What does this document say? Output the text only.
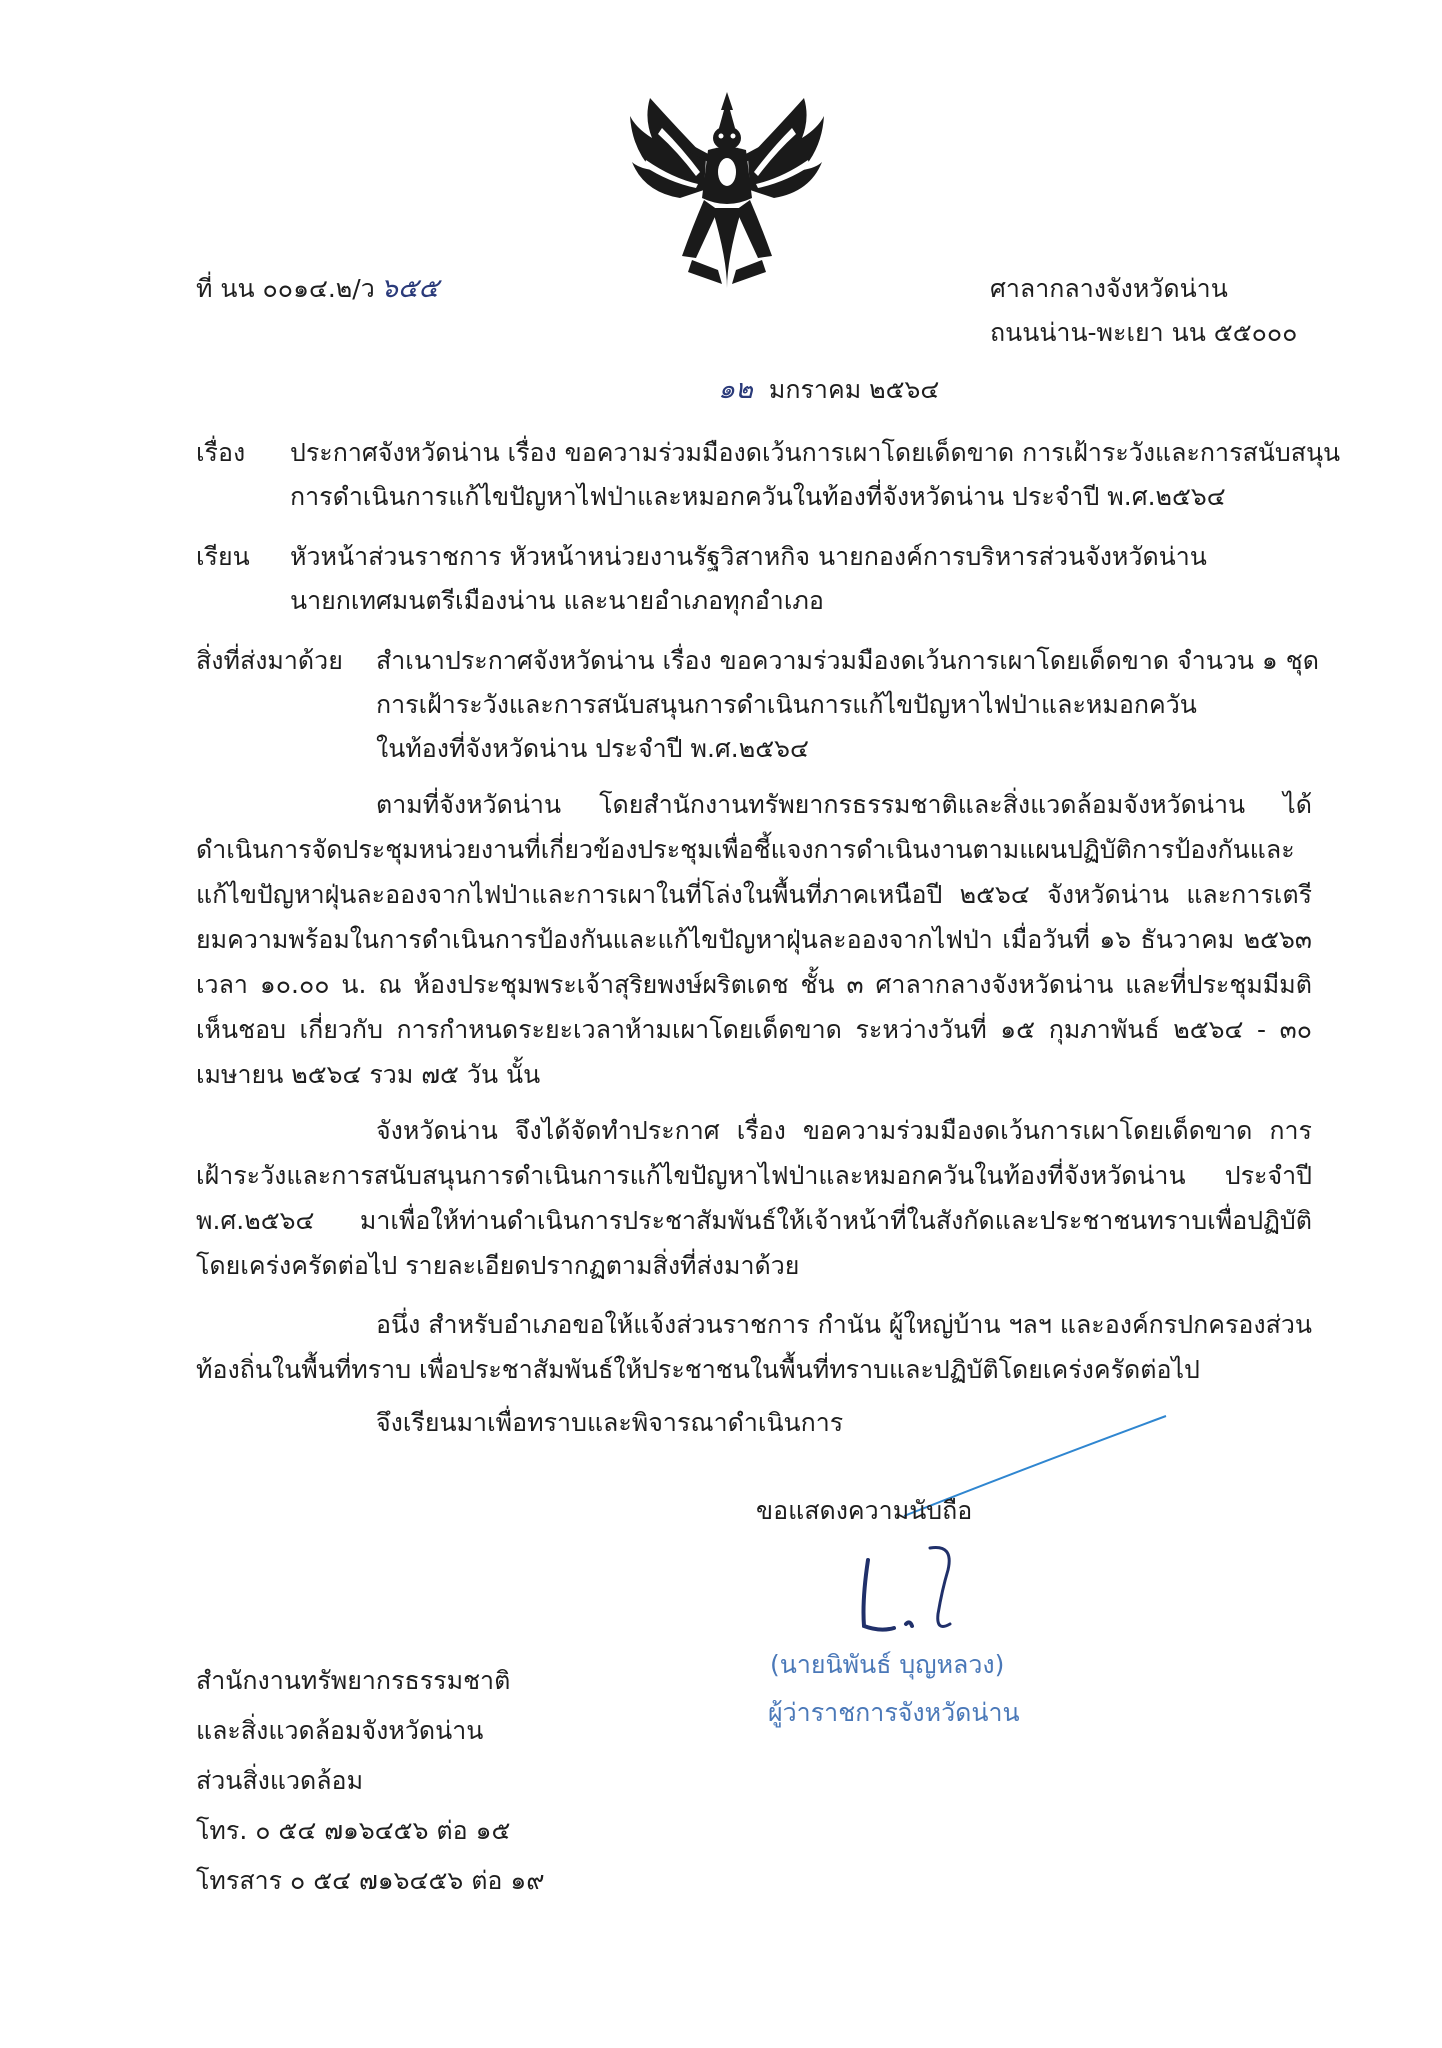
ที่ นน ๐๐๑๔.๒/ว ๖๕๕	ศาลากลางจังหวัดน่าน
ถนนน่าน-พะเยา นน ๕๕๐๐๐
๑๒ มกราคม ๒๕๖๔
เรื่อง ประกาศจังหวัดน่าน เรื่อง ขอความร่วมมืองดเว้นการเผาโดยเด็ดขาด การเฝ้าระวังและการสนับสนุน
การดำเนินการแก้ไขปัญหาไฟป่าและหมอกควันในท้องที่จังหวัดน่าน ประจำปี พ.ศ.๒๕๖๔
เรียน หัวหน้าส่วนราชการ หัวหน้าหน่วยงานรัฐวิสาหกิจ นายกองค์การบริหารส่วนจังหวัดน่าน
นายกเทศมนตรีเมืองน่าน และนายอำเภอทุกอำเภอ
สิ่งที่ส่งมาด้วย สำเนาประกาศจังหวัดน่าน เรื่อง ขอความร่วมมืองดเว้นการเผาโดยเด็ดขาด จำนวน ๑ ชุด
การเฝ้าระวังและการสนับสนุนการดำเนินการแก้ไขปัญหาไฟป่าและหมอกควัน
ในท้องที่จังหวัดน่าน ประจำปี พ.ศ.๒๕๖๔
ตามที่จังหวัดน่าน โดยสำนักงานทรัพยากรธรรมชาติและสิ่งแวดล้อมจังหวัดน่าน ได้ดำเนินการจัดประชุมหน่วยงานที่เกี่ยวข้องประชุมเพื่อชี้แจงการดำเนินงานตามแผนปฏิบัติการป้องกันและแก้ไขปัญหาฝุ่นละอองจากไฟป่าและการเผาในที่โล่งในพื้นที่ภาคเหนือปี ๒๕๖๔ จังหวัดน่าน และการเตรียมความพร้อมในการดำเนินการป้องกันและแก้ไขปัญหาฝุ่นละอองจากไฟป่า เมื่อวันที่ ๑๖ ธันวาคม ๒๕๖๓ เวลา ๑๐.๐๐ น. ณ ห้องประชุมพระเจ้าสุริยพงษ์ผริตเดช ชั้น ๓ ศาลากลางจังหวัดน่าน และที่ประชุมมีมติเห็นชอบ เกี่ยวกับ การกำหนดระยะเวลาห้ามเผาโดยเด็ดขาด ระหว่างวันที่ ๑๕ กุมภาพันธ์ ๒๕๖๔ - ๓๐ เมษายน ๒๕๖๔ รวม ๗๕ วัน นั้น
จังหวัดน่าน จึงได้จัดทำประกาศ เรื่อง ขอความร่วมมืองดเว้นการเผาโดยเด็ดขาด การเฝ้าระวังและการสนับสนุนการดำเนินการแก้ไขปัญหาไฟป่าและหมอกควันในท้องที่จังหวัดน่าน ประจำปี พ.ศ.๒๕๖๔ มาเพื่อให้ท่านดำเนินการประชาสัมพันธ์ให้เจ้าหน้าที่ในสังกัดและประชาชนทราบเพื่อปฏิบัติโดยเคร่งครัดต่อไป รายละเอียดปรากฏตามสิ่งที่ส่งมาด้วย
อนึ่ง สำหรับอำเภอขอให้แจ้งส่วนราชการ กำนัน ผู้ใหญ่บ้าน ฯลฯ และองค์กรปกครองส่วนท้องถิ่นในพื้นที่ทราบ เพื่อประชาสัมพันธ์ให้ประชาชนในพื้นที่ทราบและปฏิบัติโดยเคร่งครัดต่อไป
จึงเรียนมาเพื่อทราบและพิจารณาดำเนินการ
ขอแสดงความนับถือ
(นายนิพันธ์ บุญหลวง)
ผู้ว่าราชการจังหวัดน่าน
สำนักงานทรัพยากรธรรมชาติ
และสิ่งแวดล้อมจังหวัดน่าน
ส่วนสิ่งแวดล้อม
โทร. ๐ ๕๔ ๗๑๖๔๕๖ ต่อ ๑๕
โทรสาร ๐ ๕๔ ๗๑๖๔๕๖ ต่อ ๑๙
